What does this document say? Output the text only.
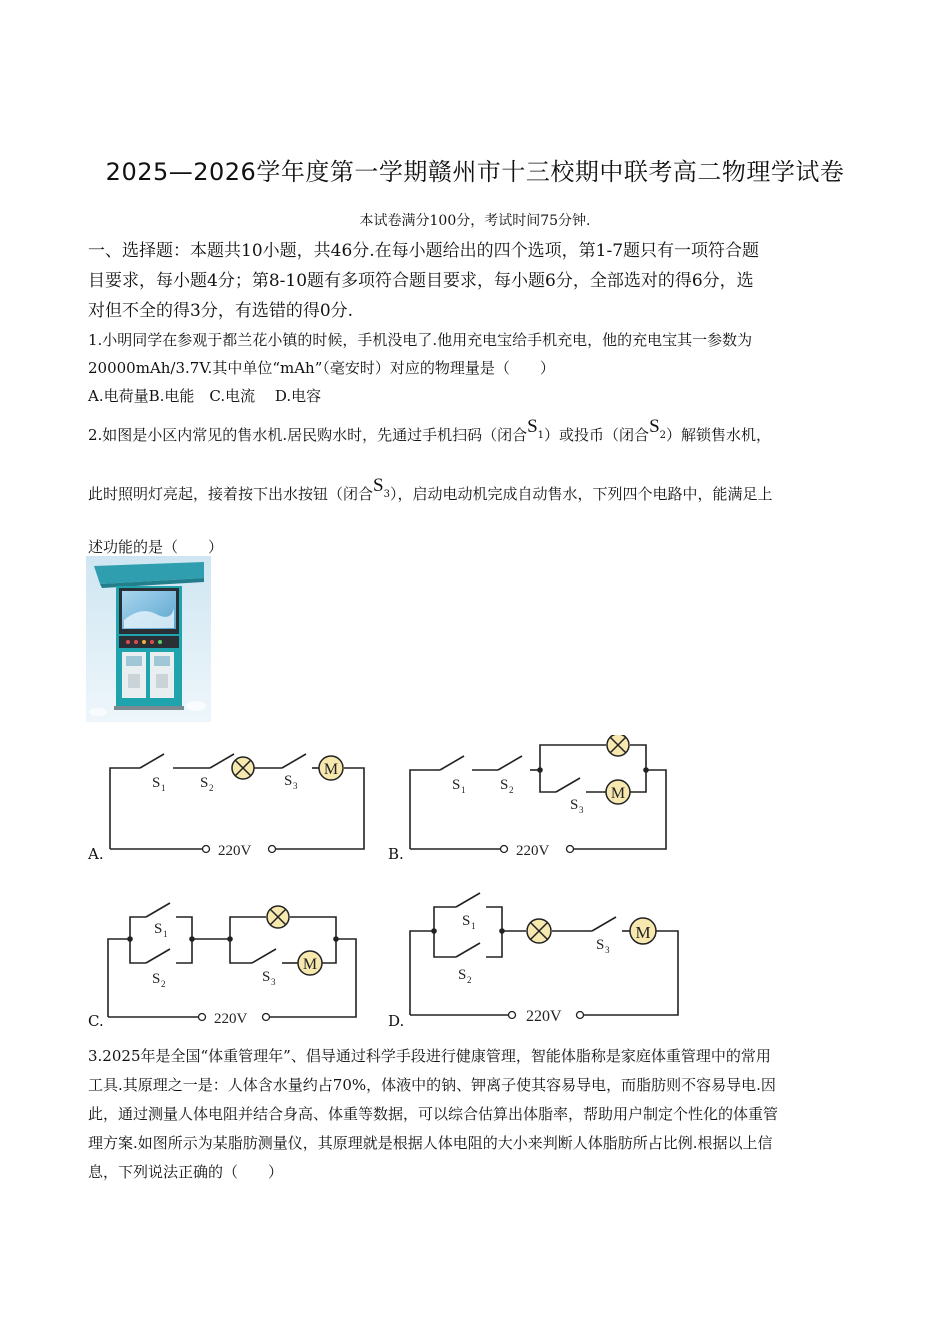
2025—2026学年度第一学期赣州市十三校期中联考高二物理学试卷
本试卷满分100分，考试时间75分钟.
一、选择题：本题共10小题，共46分.在每小题给出的四个选项，第1-7题只有一项符合题
目要求，每小题4分；第8-10题有多项符合题目要求，每小题6分，全部选对的得6分，选
对但不全的得3分，有选错的得0分.
1.小明同学在参观于都兰花小镇的时候，手机没电了.他用充电宝给手机充电，他的充电宝其一参数为
20000mAh/3.7V.其中单位“mAh”（毫安时）对应的物理量是（　　）
A.电荷量B.电能　C.电流　 D.电容
2.如图是小区内常见的售水机.居民购水时，先通过手机扫码（闭合S1）或投币（闭合S2）解锁售水机，
此时照明灯亮起，接着按下出水按钮（闭合S3），启动电动机完成自动售水，下列四个电路中，能满足上
述功能的是（　　）
A.
M
220V
S 1 S 2	S 3
B.
M
220V
S 1 S 2
S 3
C.
M
220V
S 1
S 2	S 3
D.
M
220V
S 1
S 2
S 3
3.2025年是全国“体重管理年”、倡导通过科学手段进行健康管理，智能体脂称是家庭体重管理中的常用
工具.其原理之一是：人体含水量约占70%，体液中的钠、钾离子使其容易导电，而脂肪则不容易导电.因
此，通过测量人体电阻并结合身高、体重等数据，可以综合估算出体脂率，帮助用户制定个性化的体重管
理方案.如图所示为某脂肪测量仪，其原理就是根据人体电阻的大小来判断人体脂肪所占比例.根据以上信
息，下列说法正确的（　　）
